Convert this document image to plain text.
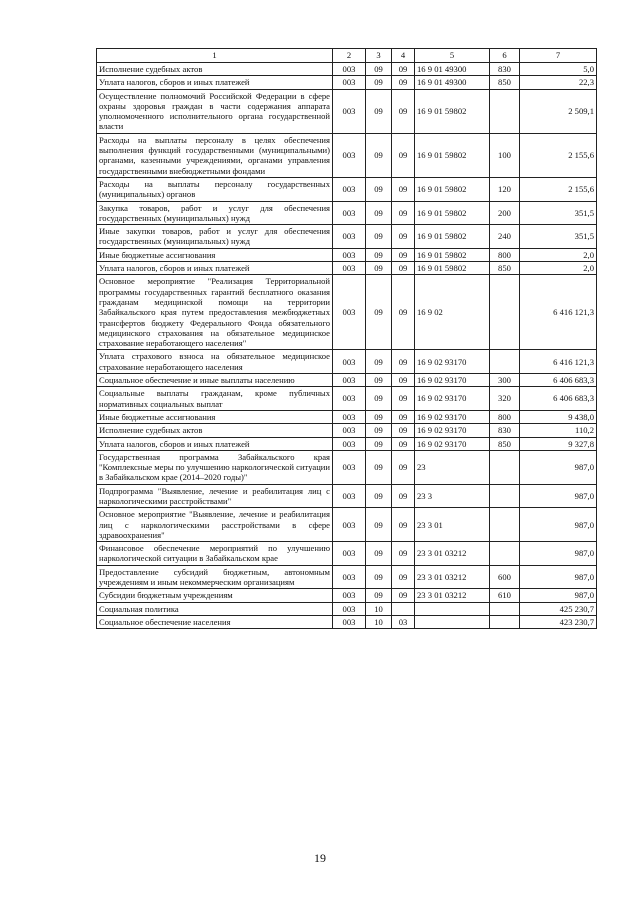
1	2	3	4	5	6	7
Исполнение судебных актов	003	09	09	16 9 01 49300	830	5,0
Уплата налогов, сборов и иных платежей	003	09	09	16 9 01 49300	850	22,3
Осуществление полномочий Российской Федерации в сфере охраны здоровья граждан в части содержания аппарата уполномоченного исполнительного органа государственной власти	003	09	09	16 9 01 59802		2 509,1
Расходы на выплаты персоналу в целях обеспечения выполнения функций государственными (муниципальными) органами, казенными учреждениями, органами управления государственными внебюджетными фондами	003	09	09	16 9 01 59802	100	2 155,6
Расходы на выплаты персоналу государственных (муниципальных) органов	003	09	09	16 9 01 59802	120	2 155,6
Закупка товаров, работ и услуг для обеспечения государственных (муниципальных) нужд	003	09	09	16 9 01 59802	200	351,5
Иные закупки товаров, работ и услуг для обеспечения государственных (муниципальных) нужд	003	09	09	16 9 01 59802	240	351,5
Иные бюджетные ассигнования	003	09	09	16 9 01 59802	800	2,0
Уплата налогов, сборов и иных платежей	003	09	09	16 9 01 59802	850	2,0
Основное мероприятие "Реализация Территориальной программы государственных гарантий бесплатного оказания гражданам медицинской помощи на территории Забайкальского края путем предоставления межбюджетных трансфертов бюджету Федерального Фонда обязательного медицинского страхования на обязательное медицинское страхование неработающего населения"	003	09	09	16 9 02		6 416 121,3
Уплата страхового взноса на обязательное медицинское страхование неработающего населения	003	09	09	16 9 02 93170		6 416 121,3
Социальное обеспечение и иные выплаты населению	003	09	09	16 9 02 93170	300	6 406 683,3
Социальные выплаты гражданам, кроме публичных нормативных социальных выплат	003	09	09	16 9 02 93170	320	6 406 683,3
Иные бюджетные ассигнования	003	09	09	16 9 02 93170	800	9 438,0
Исполнение судебных актов	003	09	09	16 9 02 93170	830	110,2
Уплата налогов, сборов и иных платежей	003	09	09	16 9 02 93170	850	9 327,8
Государственная программа Забайкальского края "Комплексные меры по улучшению наркологической ситуации в Забайкальском крае (2014–2020 годы)"	003	09	09	23		987,0
Подпрограмма "Выявление, лечение и реабилитация лиц с наркологическими расстройствами"	003	09	09	23 3		987,0
Основное мероприятие "Выявление, лечение и реабилитация лиц с наркологическими расстройствами в сфере здравоохранения"	003	09	09	23 3 01		987,0
Финансовое обеспечение мероприятий по улучшению наркологической ситуации в Забайкальском крае	003	09	09	23 3 01 03212		987,0
Предоставление субсидий бюджетным, автономным учреждениям и иным некоммерческим организациям	003	09	09	23 3 01 03212	600	987,0
Субсидии бюджетным учреждениям	003	09	09	23 3 01 03212	610	987,0
Социальная политика	003	10				425 230,7
Социальное обеспечение населения	003	10	03			423 230,7
19
